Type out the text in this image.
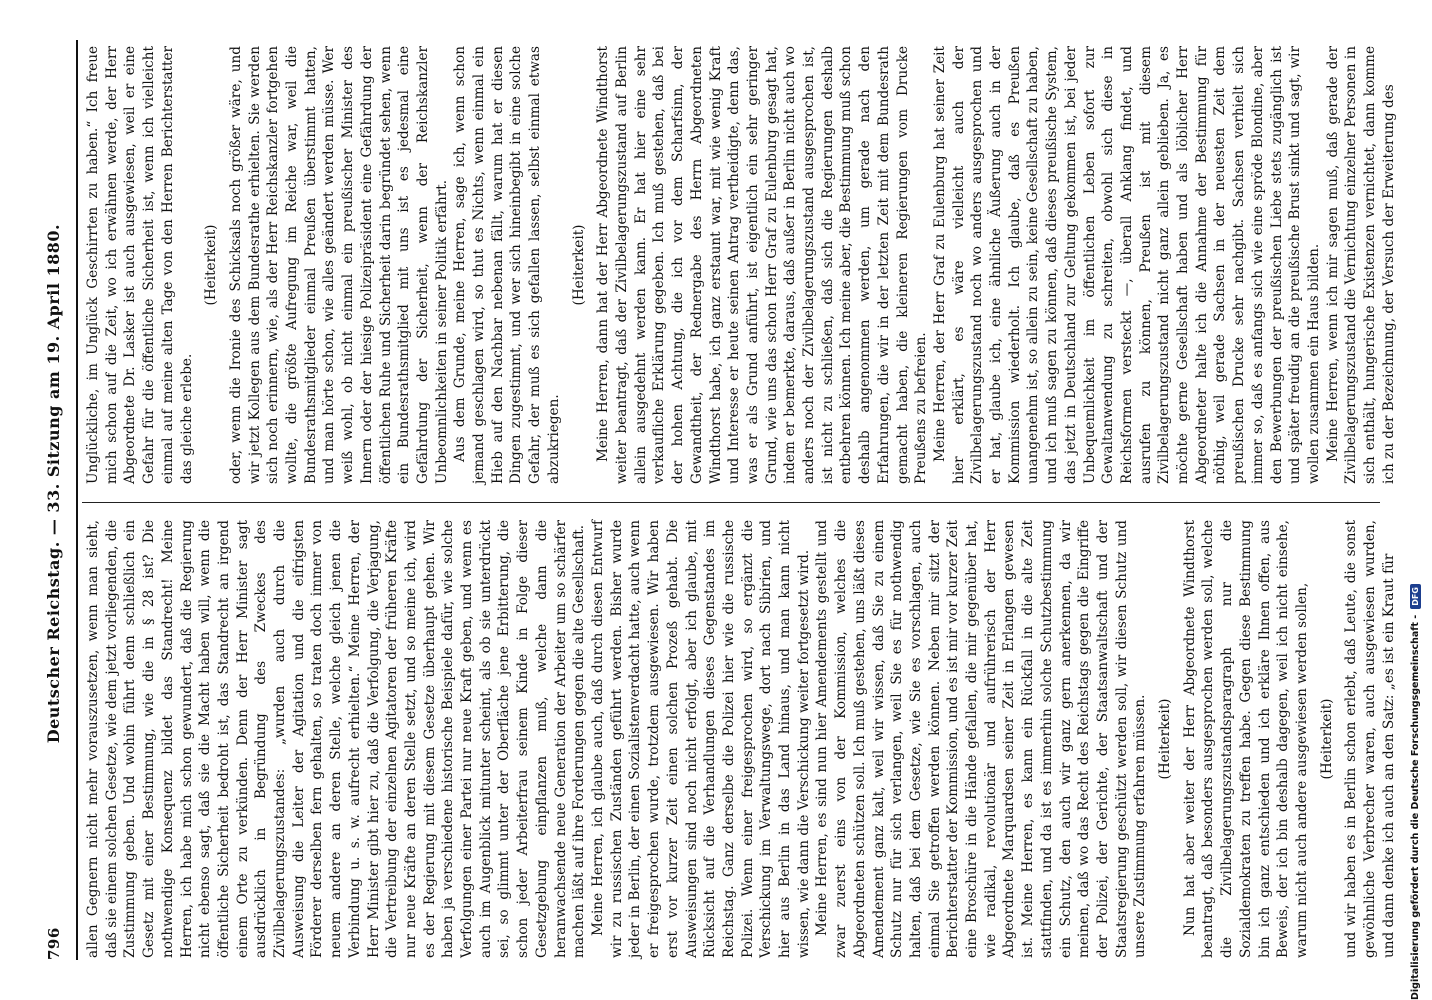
796
Deutscher Reichstag. — 33. Sitzung am 19. April 1880. allen Gegnern nicht mehr vorauszusetzen, wenn man sieht, daß sie einem solchen Gesetze, wie dem jetzt vorliegenden, die Zustimmung geben. Und wohin führt denn schließlich ein Gesetz mit einer Bestimmung, wie die in § 28 ist? Die nothwendige Konsequenz bildet das Standrecht! Meine Herren, ich habe mich schon gewundert, daß die Regierung nicht ebenso sagt, daß sie die Macht haben will, wenn die öffentliche Sicherheit bedroht ist, das Standrecht an irgend einem Orte zu verkünden. Denn der Herr Minister sagt ausdrücklich in Begründung des Zweckes des Zivilbelagerungszustandes: „wurden auch durch die Ausweisung die Leiter der Agitation und die eifrigsten Förderer derselben fern gehalten, so traten doch immer von neuem andere an deren Stelle, welche gleich jenen die Verbindung u. s. w. aufrecht erhielten.“ Meine Herren, der Herr Minister gibt hier zu, daß die Verfolgung, die Verjagung, die Vertreibung der einzelnen Agitatoren der früheren Kräfte nur neue Kräfte an deren Stelle setzt, und so meine ich, wird es der Regierung mit diesem Gesetze überhaupt gehen. Wir haben ja verschiedene historische Beispiele dafür, wie solche Verfolgungen einer Partei nur neue Kraft geben, und wenn es auch im Augenblick mitunter scheint, als ob sie unterdrückt sei, so glimmt unter der Oberfläche jene Erbitterung, die schon jeder Arbeiterfrau seinem Kinde in Folge dieser Gesetzgebung einpflanzen muß, welche dann die heranwachsende neue Generation der Arbeiter um so schärfer machen läßt auf ihre Forderungen gegen die alte Gesellschaft. Meine Herren, ich glaube auch, daß durch diesen Entwurf wir zu russischen Zuständen geführt werden. Bisher wurde jeder in Berlin, der einen Sozialistenverdacht hatte, auch wenn er freigesprochen wurde, trotzdem ausgewiesen. Wir haben erst vor kurzer Zeit einen solchen Prozeß gehabt. Die Ausweisungen sind noch nicht erfolgt, aber ich glaube, mit Rücksicht auf die Verhandlungen dieses Gegenstandes im Reichstag. Ganz derselbe die Polizei hier wie die russische Polizei. Wenn einer freigesprochen wird, so ergänzt die Verschickung im Verwaltungswege, dort nach Sibirien, und hier aus Berlin in das Land hinaus, und man kann nicht wissen, wie dann die Verschickung weiter fortgesetzt wird. Meine Herren, es sind nun hier Amendements gestellt und zwar zuerst eins von der Kommission, welches die Abgeordneten schützen soll. Ich muß gestehen, uns läßt dieses Amendement ganz kalt, weil wir wissen, daß Sie zu einem Schutz nur für sich verlangen, weil Sie es für nothwendig halten, daß bei dem Gesetze, wie Sie es vorschlagen, auch einmal Sie getroffen werden können. Neben mir sitzt der Berichterstatter der Kommission, und es ist mir vor kurzer Zeit eine Broschüre in die Hände gefallen, die mir gegenüber hat, wie radikal, revolutionär und aufrührerisch der Herr Abgeordnete Marquardsen seiner Zeit in Erlangen gewesen ist. Meine Herren, es kann ein Rückfall in die alte Zeit stattfinden, und da ist es immerhin solche Schutzbestimmung ein Schutz, den auch wir ganz gern anerkennen, da wir meinen, daß wo das Recht des Reichstags gegen die Eingriffe der Polizei, der Gerichte, der Staatsanwaltschaft und der Staatsregierung geschützt werden soll, wir diesen Schutz und unsere Zustimmung erfahren müssen. (Heiterkeit) Nun hat aber weiter der Herr Abgeordnete Windthorst beantragt, daß besonders ausgesprochen werden soll, welche die Zivilbelagerungszustandsparagraph nur die Sozialdemokraten zu treffen habe. Gegen diese Bestimmung bin ich ganz entschieden und ich erkläre Ihnen offen, aus Beweis, der ich bin deshalb dagegen, weil ich nicht einsehe, warum nicht auch andere ausgewiesen werden sollen, (Heiterkeit) und wir haben es in Berlin schon erlebt, daß Leute, die sonst gewöhnliche Verbrecher waren, auch ausgewiesen wurden, und dann denke ich auch an den Satz: „es ist ein Kraut für

Unglückliche, im Unglück Geschirrten zu haben.“ Ich freue mich schon auf die Zeit, wo ich erwähnen werde, der Herr Abgeordnete Dr. Lasker ist auch ausgewiesen, weil er eine Gefahr für die öffentliche Sicherheit ist, wenn ich vielleicht einmal auf meine alten Tage von den Herren Berichterstatter das gleiche erlebe.

(Heiterkeit) oder, wenn die Ironie des Schicksals noch größer wäre, und wir jetzt Kollegen aus dem Bundesrathe erhielten. Sie werden sich noch erinnern, wie, als der Herr Reichskanzler fortgehen wollte, die größte Aufregung im Reiche war, weil die Bundesrathsmitglieder einmal Preußen überstimmt hatten, und man hörte schon, wie alles geändert werden müsse. Wer weiß wohl, ob nicht einmal ein preußischer Minister des Innern oder der hiesige Polizeipräsident eine Gefährdung der öffentlichen Ruhe und Sicherheit darin begründet sehen, wenn ein Bundesrathsmitglied mit uns ist es jedesmal eine Gefährdung der Sicherheit, wenn der Reichskanzler Unbeomnlichkeiten in seiner Politik erfährt. Aus dem Grunde, meine Herren, sage ich, wenn schon jemand geschlagen wird, so thut es Nichts, wenn einmal ein Hieb auf den Nachbar nebenan fällt, warum hat er diesen Dingen zugestimmt, und wer sich hineinbegibt in eine solche Gefahr, der muß es sich gefallen lassen, selbst einmal etwas abzukriegen.

(Heiterkeit) Meine Herren, dann hat der Herr Abgeordnete Windthorst weiter beantragt, daß der Zivilbelagerungszustand auf Berlin allein ausgedehnt werden kann. Er hat hier eine sehr verkaufliche Erklärung gegeben. Ich muß gestehen, daß bei der hohen Achtung, die ich vor dem Scharfsinn, der Gewandtheit, der Rednergabe des Herrn Abgeordneten Windthorst habe, ich ganz erstaunt war, mit wie wenig Kraft und Interesse er heute seinen Antrag vertheidigte, denn das, was er als Grund anführt, ist eigentlich ein sehr geringer Grund, wie uns das schon Herr Graf zu Eulenburg gesagt hat, indem er bemerkte, daraus, daß außer in Berlin nicht auch wo anders noch der Zivilbelagerungszustand ausgesprochen ist, ist nicht zu schließen, daß sich die Regierungen deshalb entbehren können. Ich meine aber, die Bestimmung muß schon deshalb angenommen werden, um gerade nach den Erfahrungen, die wir in der letzten Zeit mit dem Bundesrath gemacht haben, die kleineren Regierungen vom Drucke Preußens zu befreien. Meine Herren, der Herr Graf zu Eulenburg hat seiner Zeit hier erklärt, es wäre vielleicht auch der Zivilbelagerungszustand noch wo anders ausgesprochen und er hat, glaube ich, eine ähnliche Äußerung auch in der Kommission wiederholt. Ich glaube, daß es Preußen unangenehm ist, so allein zu sein, keine Gesellschaft zu haben, und ich muß sagen zu können, daß dieses preußische System, das jetzt in Deutschland zur Geltung gekommen ist, bei jeder Unbequemlichkeit im öffentlichen Leben sofort zur Gewaltanwendung zu schreiten, obwohl sich diese in Reichsformen versteckt —, überall Anklang findet, und ausrufen zu können, Preußen ist mit diesem Zivilbelagerungszustand nicht ganz allein geblieben. Ja, es möchte gerne Gesellschaft haben und als löblicher Herr Abgeordneter halte ich die Annahme der Bestimmung für nöthig, weil gerade Sachsen in der neuesten Zeit dem preußischen Drucke sehr nachgibt. Sachsen verhielt sich immer so, daß es anfangs sich wie eine spröde Blondine, aber den Bewerbungen der preußischen Liebe stets zugänglich ist und später freudig an die preußische Brust sinkt und sagt, wir wollen zusammen ein Haus bilden. Meine Herren, wenn ich mir sagen muß, daß gerade der Zivilbelagerungszustand die Vernichtung einzelner Personen in sich enthält, hungerische Existenzen vernichtet, dann komme ich zu der Bezeichnung, der Versuch der Erweiterung des

Digitalisierung gefördert durch die Deutsche Forschungsgemeinschaft -
DFG
